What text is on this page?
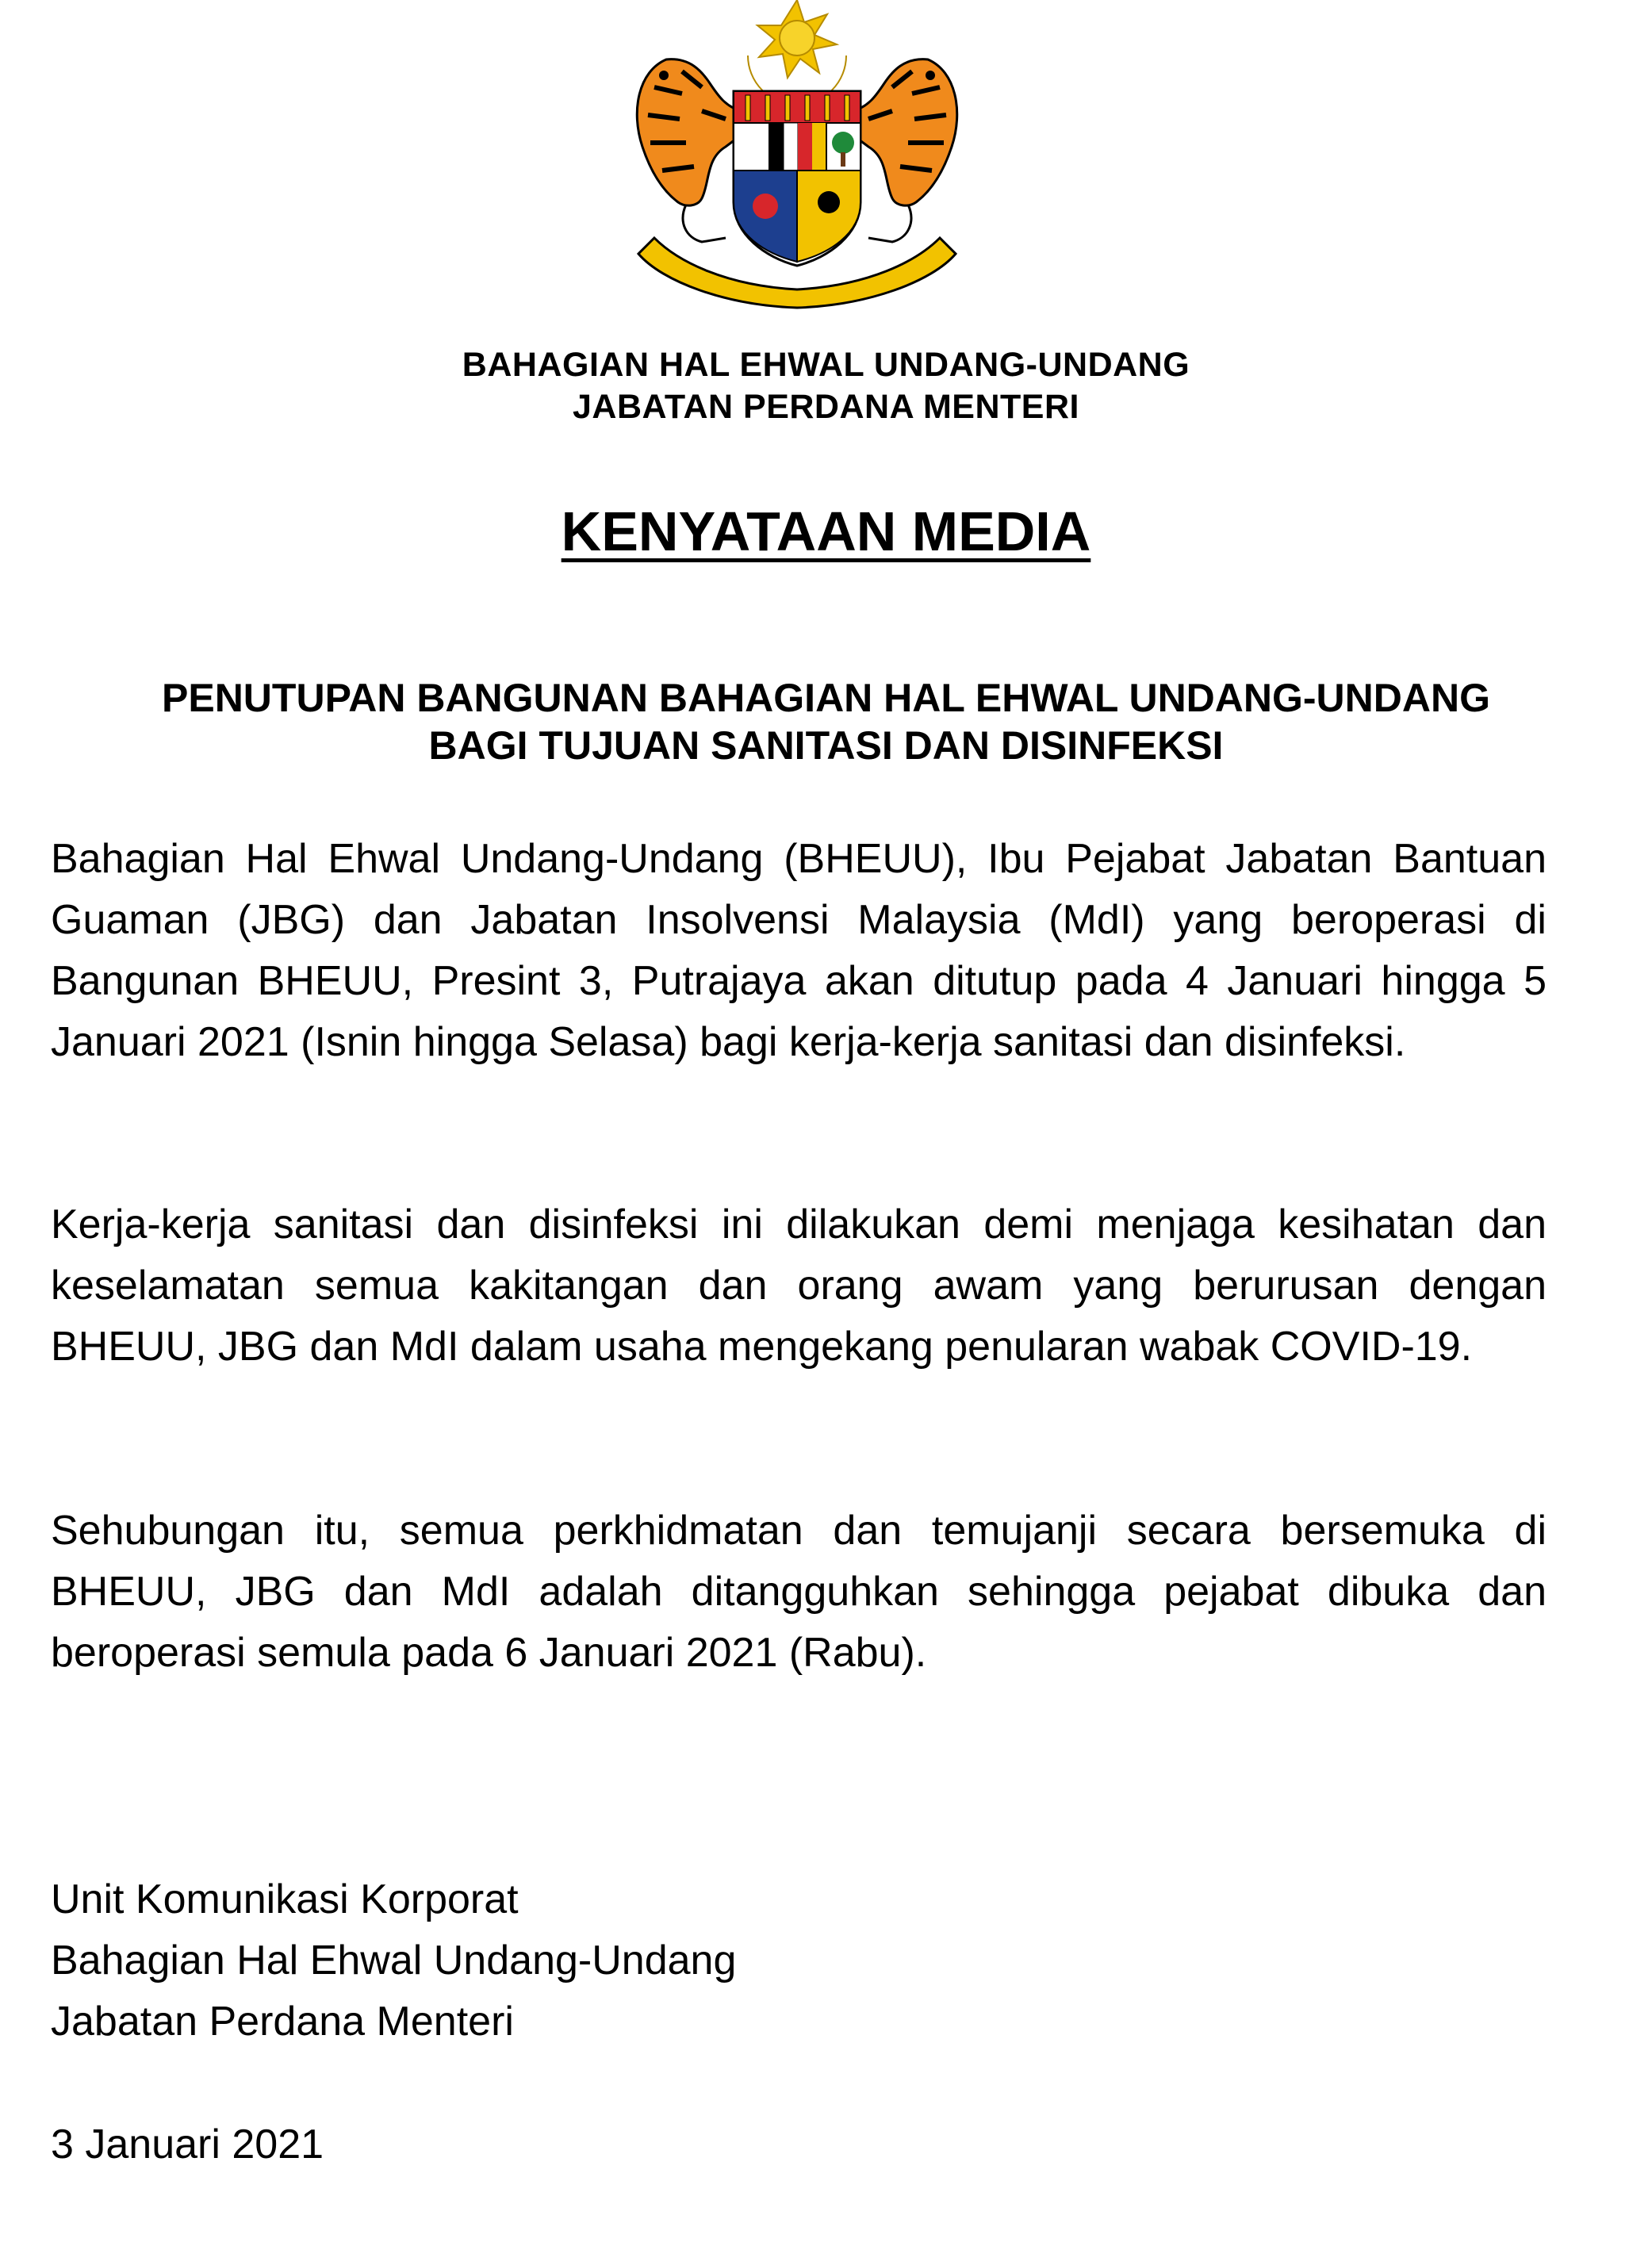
BAHAGIAN HAL EHWAL UNDANG-UNDANG
JABATAN PERDANA MENTERI
KENYATAAN MEDIA
PENUTUPAN BANGUNAN BAHAGIAN HAL EHWAL UNDANG-UNDANG BAGI TUJUAN SANITASI DAN DISINFEKSI

Bahagian Hal Ehwal Undang-Undang (BHEUU), Ibu Pejabat Jabatan Bantuan Guaman (JBG) dan Jabatan Insolvensi Malaysia (MdI) yang beroperasi di Bangunan BHEUU, Presint 3, Putrajaya akan ditutup pada 4 Januari hingga 5 Januari 2021 (Isnin hingga Selasa) bagi kerja-kerja sanitasi dan disinfeksi.

Kerja-kerja sanitasi dan disinfeksi ini dilakukan demi menjaga kesihatan dan keselamatan semua kakitangan dan orang awam yang berurusan dengan BHEUU, JBG dan MdI dalam usaha mengekang penularan wabak COVID-19.

Sehubungan itu, semua perkhidmatan dan temujanji secara bersemuka di BHEUU, JBG dan MdI adalah ditangguhkan sehingga pejabat dibuka dan beroperasi semula pada 6 Januari 2021 (Rabu).

Unit Komunikasi Korporat
Bahagian Hal Ehwal Undang-Undang
Jabatan Perdana Menteri
3 Januari 2021
